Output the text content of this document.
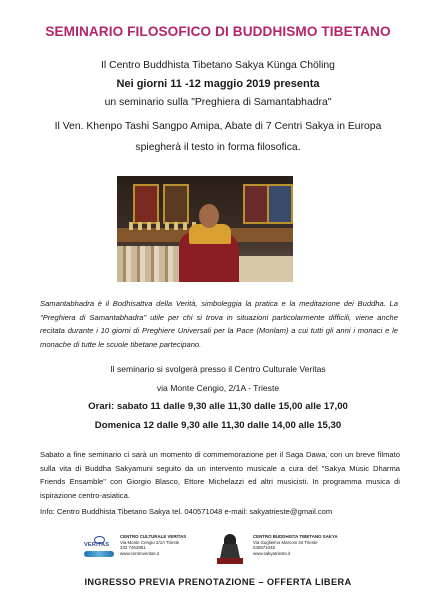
SEMINARIO FILOSOFICO DI BUDDHISMO TIBETANO
Il Centro Buddhista Tibetano Sakya Künga Chöling
Nei giorni 11 -12 maggio 2019 presenta
un seminario sulla "Preghiera di Samantabhadra"
Il Ven. Khenpo Tashi Sangpo Amipa, Abate di 7 Centri Sakya in Europa
spiegherà il testo in forma filosofica.
Samantabhadra è il Bodhisattva della Verità, simboleggia la pratica e la meditazione dei Buddha. La "Preghiera di Samantabhadra" utile per chi si trova in situazioni particolarmente difficili, viene anche recitata durante i 10 giorni di Preghiere Universali per la Pace (Monlam) a cui tutti gli anni i monaci e le monache di tutte le scuole tibetane partecipano.
Il seminario si svolgerà presso il Centro Culturale Veritas
via Monte Cengio, 2/1A - Trieste
Orari: sabato 11 dalle 9,30 alle 11,30 dalle 15,00 alle 17,00
Domenica 12 dalle 9,30 alle 11,30 dalle 14,00 alle 15,30
Sabato a fine seminario ci sarà un momento di commemorazione per il Saga Dawa, con un breve filmato sulla vita di Buddha Sakyamuni seguito da un intervento musicale a cura del "Sakya Music Dharma Friends Ensamble" con Giorgio Blasco, Ettore Michelazzi ed altri musicisti. In programma musica di ispirazione centro-asiatica.
Info: Centro Buddhista Tibetano Sakya tel. 040571048 e-mail: sakyatrieste@gmail.com
VERITAS
CENTRO CULTURALE VERITAS
Via Monte Cengio 2/1A Trieste
333 7462861
www.centroveritas.it
CENTRO BUDDHISTA TIBETANO SAKYA
Via Guglielmo Marconi 34 Trieste
040571048
www.sakyatrieste.it
INGRESSO PREVIA PRENOTAZIONE – OFFERTA LIBERA
